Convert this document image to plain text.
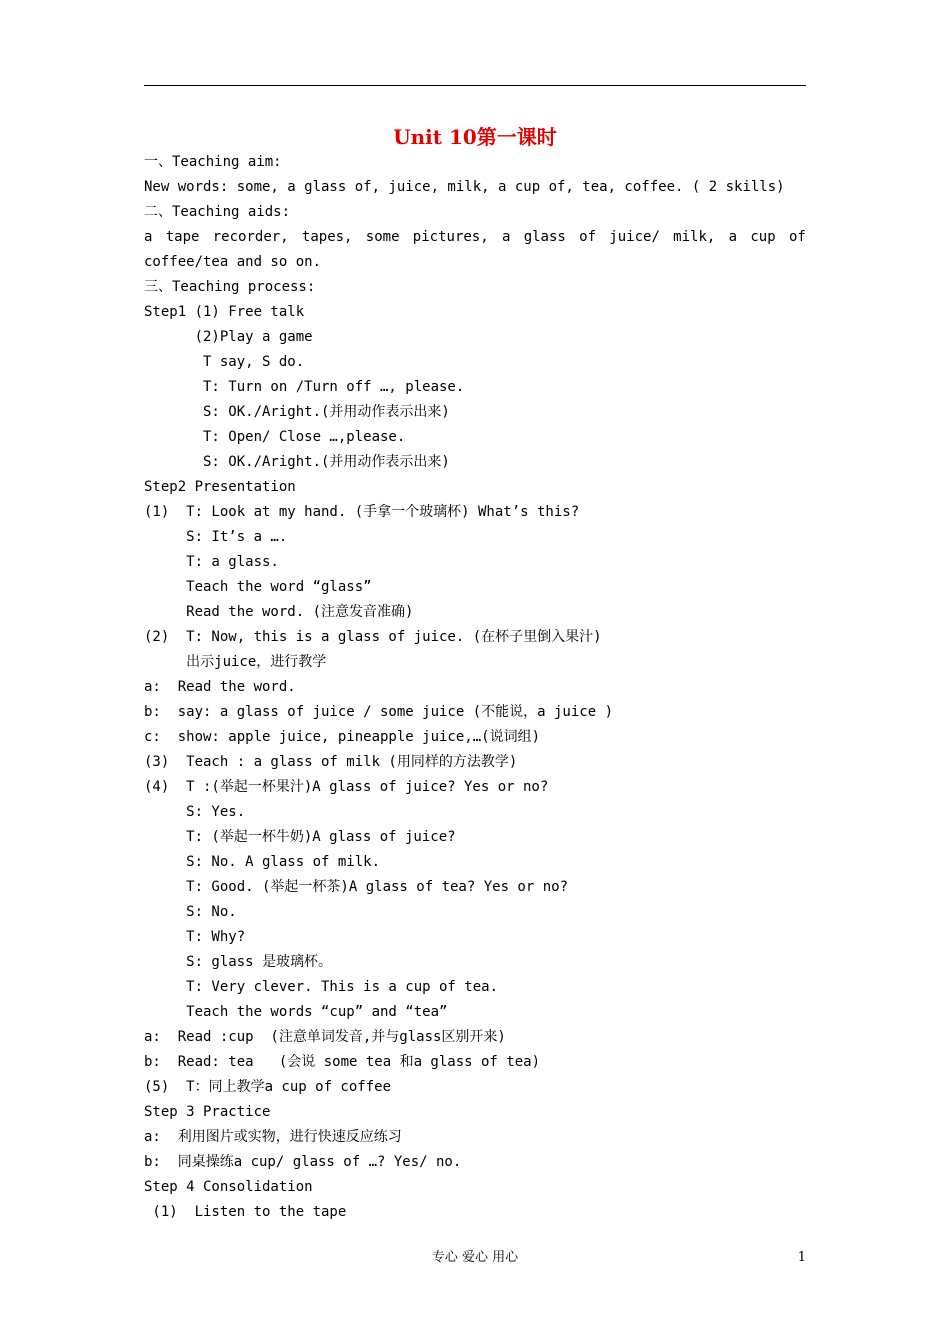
Unit 10第一课时
一、Teaching aim:
New words: some, a glass of, juice, milk, a cup of, tea, coffee. ( 2 skills)
二、Teaching aids:
a tape recorder, tapes, some pictures, a glass of juice/ milk, a cup of
coffee/tea and so on.
三、Teaching process:
Step1 (1) Free talk
(2)Play a game
T say, S do.
T: Turn on /Turn off …, please.
S: OK./Aright.(并用动作表示出来)
T: Open/ Close …,please.
S: OK./Aright.(并用动作表示出来)
Step2 Presentation
(1)  T: Look at my hand. (手拿一个玻璃杯) What’s this?
S: It’s a ….
T: a glass.
Teach the word “glass”
Read the word. (注意发音准确)
(2)  T: Now, this is a glass of juice. (在杯子里倒入果汁)
出示juice，进行教学
a:  Read the word.
b:  say: a glass of juice / some juice (不能说，a juice )
c:  show: apple juice, pineapple juice,…(说词组)
(3)  Teach : a glass of milk (用同样的方法教学)
(4)  T :(举起一杯果汁)A glass of juice? Yes or no?
S: Yes.
T: (举起一杯牛奶)A glass of juice?
S: No. A glass of milk.
T: Good. (举起一杯茶)A glass of tea? Yes or no?
S: No.
T: Why?
S: glass 是玻璃杯。
T: Very clever. This is a cup of tea.
Teach the words “cup” and “tea”
a:  Read :cup  (注意单词发音,并与glass区别开来)
b:  Read: tea   (会说 some tea 和a glass of tea)
(5)  T：同上教学a cup of coffee
Step 3 Practice
a:  利用图片或实物，进行快速反应练习
b:  同桌操练a cup/ glass of …? Yes/ no.
Step 4 Consolidation
(1)  Listen to the tape
专心 爱心 用心	1
